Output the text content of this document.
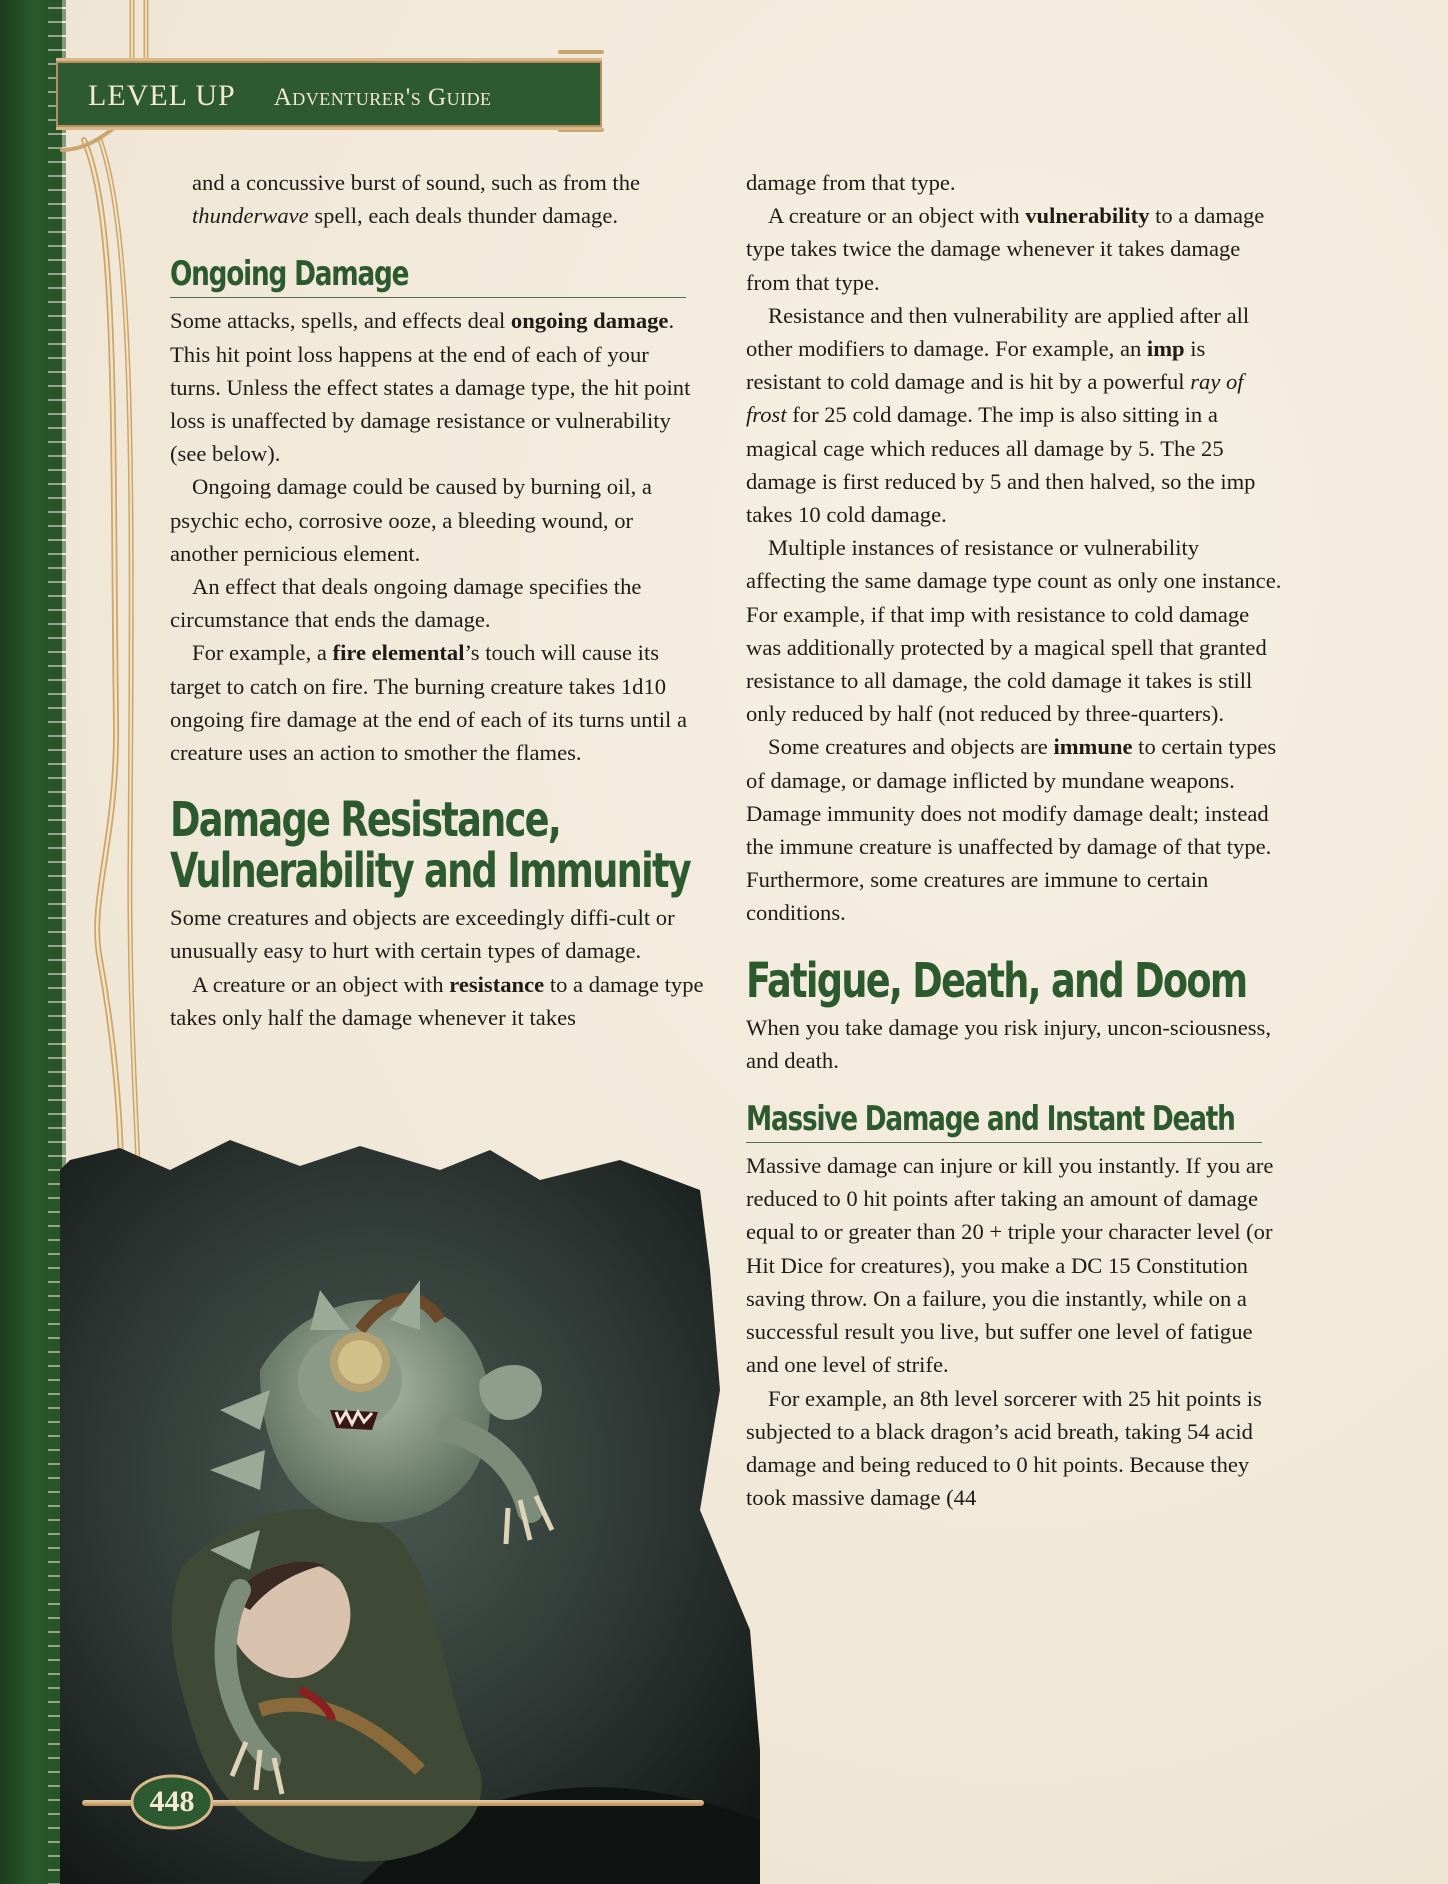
LEVEL UP Adventurer's Guide

and a concussive burst of sound, such as from the thunderwave spell, each deals thunder damage.

Ongoing Damage

Some attacks, spells, and effects deal ongoing damage. This hit point loss happens at the end of each of your turns. Unless the effect states a damage type, the hit point loss is unaffected by damage resistance or vulnerability (see below).

Ongoing damage could be caused by burning oil, a psychic echo, corrosive ooze, a bleeding wound, or another pernicious element.

An effect that deals ongoing damage specifies the circumstance that ends the damage.

For example, a fire elemental’s touch will cause its target to catch on fire. The burning creature takes 1d10 ongoing fire damage at the end of each of its turns until a creature uses an action to smother the flames.

Damage Resistance,
Vulnerability and Immunity

Some creatures and objects are exceedingly diffi-cult or unusually easy to hurt with certain types of damage.

A creature or an object with resistance to a damage type takes only half the damage whenever it takes

damage from that type.

A creature or an object with vulnerability to a damage type takes twice the damage whenever it takes damage from that type.

Resistance and then vulnerability are applied after all other modifiers to damage. For example, an imp is resistant to cold damage and is hit by a powerful ray of frost for 25 cold damage. The imp is also sitting in a magical cage which reduces all damage by 5. The 25 damage is first reduced by 5 and then halved, so the imp takes 10 cold damage.

Multiple instances of resistance or vulnerability affecting the same damage type count as only one instance. For example, if that imp with resistance to cold damage was additionally protected by a magical spell that granted resistance to all damage, the cold damage it takes is still only reduced by half (not reduced by three-quarters).

Some creatures and objects are immune to certain types of damage, or damage inflicted by mundane weapons. Damage immunity does not modify damage dealt; instead the immune creature is unaffected by damage of that type. Furthermore, some creatures are immune to certain conditions.

Fatigue, Death, and Doom

When you take damage you risk injury, uncon-sciousness, and death.

Massive Damage and Instant Death

Massive damage can injure or kill you instantly. If you are reduced to 0 hit points after taking an amount of damage equal to or greater than 20 + triple your character level (or Hit Dice for creatures), you make a DC 15 Constitution saving throw. On a failure, you die instantly, while on a successful result you live, but suffer one level of fatigue and one level of strife.

For example, an 8th level sorcerer with 25 hit points is subjected to a black dragon’s acid breath, taking 54 acid damage and being reduced to 0 hit points. Because they took massive damage (44

448
